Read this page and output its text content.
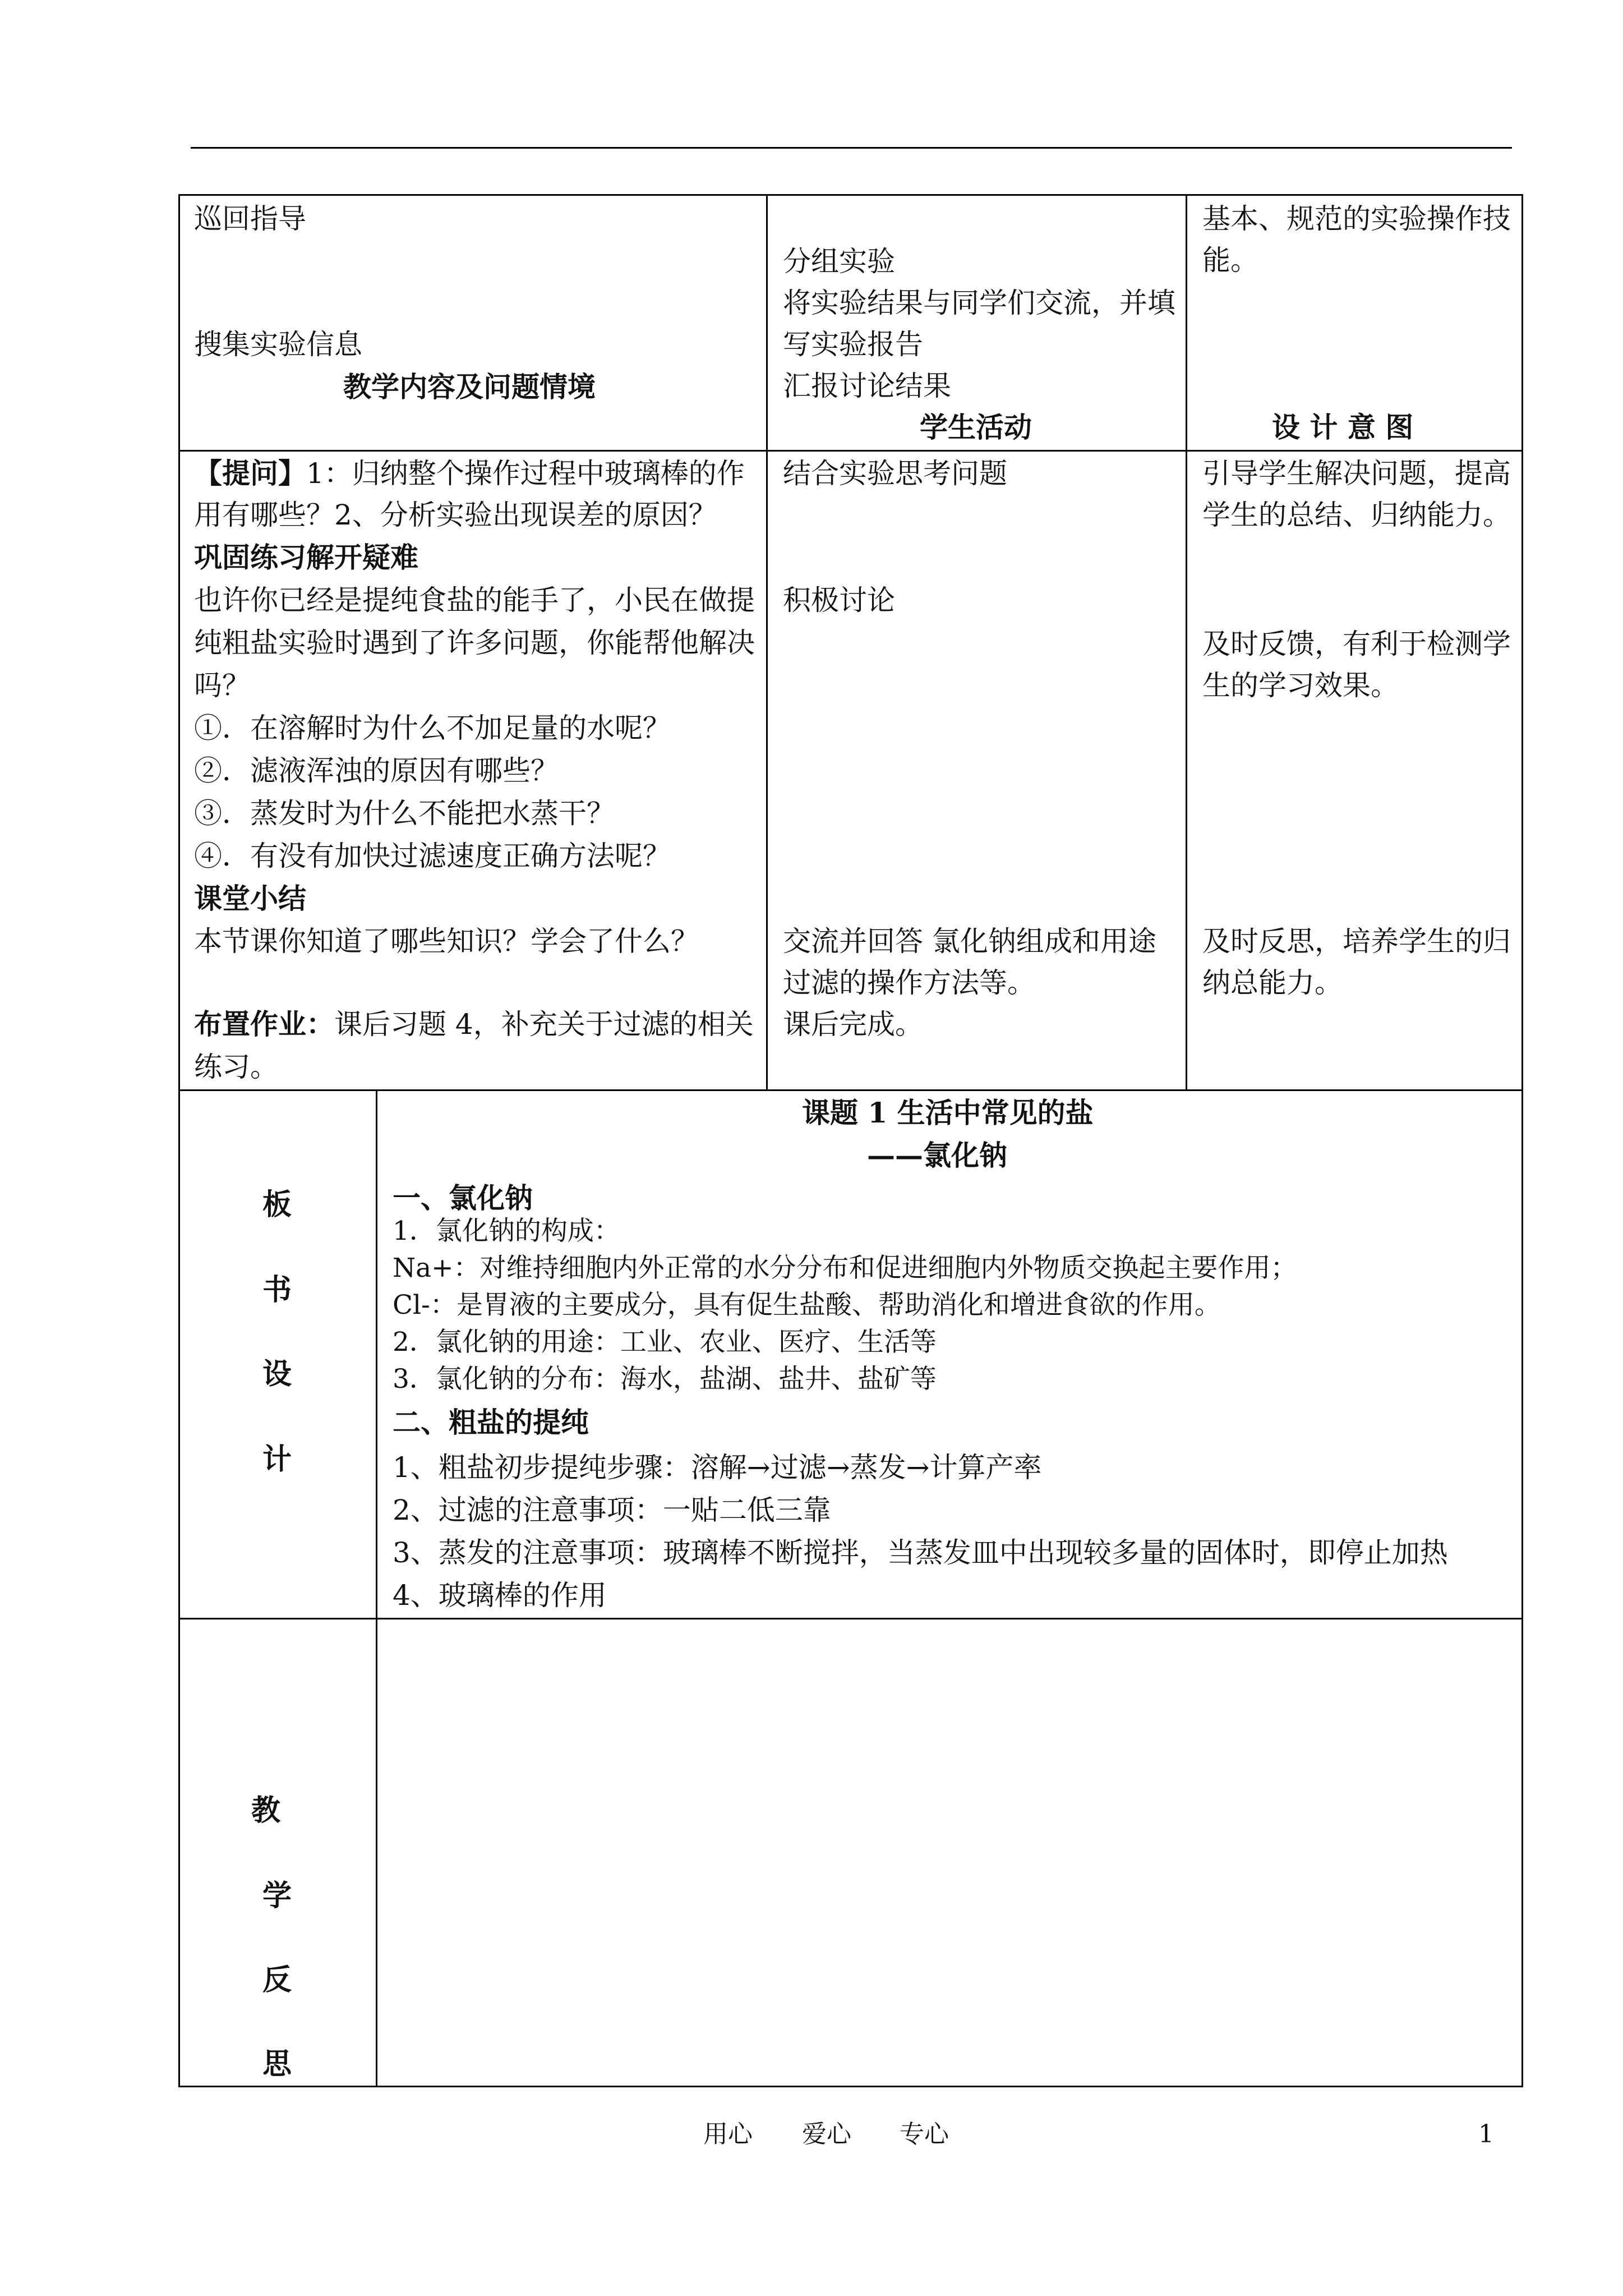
巡回指导
搜集实验信息
教学内容及问题情境
分组实验
将实验结果与同学们交流，并填
写实验报告
汇报讨论结果
学生活动
基本、规范的实验操作技
能。
设 计 意 图
【提问】1：归纳整个操作过程中玻璃棒的作
用有哪些？2、分析实验出现误差的原因？
巩固练习解开疑难
也许你已经是提纯食盐的能手了，小民在做提
纯粗盐实验时遇到了许多问题，你能帮他解决
吗？
①．在溶解时为什么不加足量的水呢？
②．滤液浑浊的原因有哪些？
③．蒸发时为什么不能把水蒸干？
④．有没有加快过滤速度正确方法呢？
课堂小结
本节课你知道了哪些知识？学会了什么？
布置作业：课后习题 4，补充关于过滤的相关
练习。
结合实验思考问题
积极讨论
交流并回答 氯化钠组成和用途
过滤的操作方法等。
课后完成。
引导学生解决问题，提高
学生的总结、归纳能力。
及时反馈，有利于检测学
生的学习效果。
及时反思，培养学生的归
纳总能力。
板
书
设
计
课题 1 生活中常见的盐
——氯化钠
一、氯化钠
1．氯化钠的构成：
Na+：对维持细胞内外正常的水分分布和促进细胞内外物质交换起主要作用；
Cl-：是胃液的主要成分，具有促生盐酸、帮助消化和增进食欲的作用。
2．氯化钠的用途：工业、农业、医疗、生活等
3．氯化钠的分布：海水，盐湖、盐井、盐矿等
二、粗盐的提纯
1、粗盐初步提纯步骤：溶解→过滤→蒸发→计算产率
2、过滤的注意事项：一贴二低三靠
3、蒸发的注意事项：玻璃棒不断搅拌，当蒸发皿中出现较多量的固体时，即停止加热
4、玻璃棒的作用
教
学
反
思
用心 爱心 专心	1
